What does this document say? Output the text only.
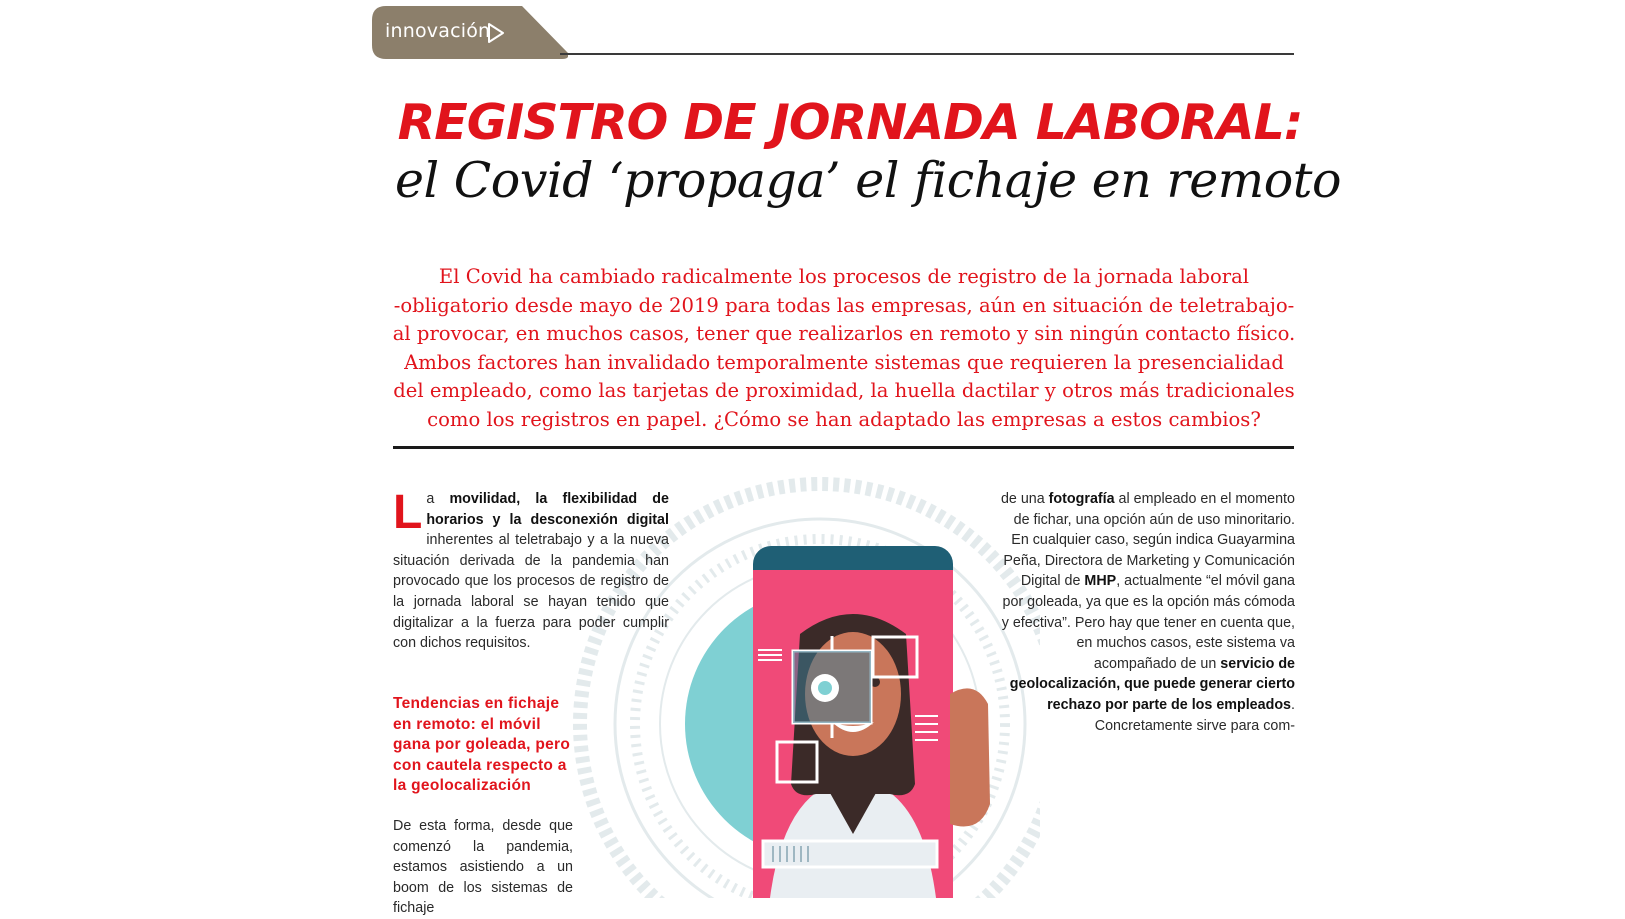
innovación
REGISTRO DE JORNADA LABORAL:
el Covid ‘propaga’ el fichaje en remoto
El Covid ha cambiado radicalmente los procesos de registro de la jornada laboral
-obligatorio desde mayo de 2019 para todas las empresas, aún en situación de teletrabajo-
al provocar, en muchos casos, tener que realizarlos en remoto y sin ningún contacto físico.
Ambos factores han invalidado temporalmente sistemas que requieren la presencialidad
del empleado, como las tarjetas de proximidad, la huella dactilar y otros más tradicionales
como los registros en papel. ¿Cómo se han adaptado las empresas a estos cambios?

La movilidad, la flexibilidad de horarios y la desconexión digital inherentes al teletrabajo y a la nueva situación derivada de la pandemia han provocado que los procesos de registro de la jornada laboral se hayan tenido que digitalizar a la fuerza para poder cumplir con dichos requisitos.

Tendencias en fichaje en remoto: el móvil gana por goleada, pero con cautela respecto a la geolocalización
De esta forma, desde que comenzó la pandemia, estamos asistiendo a un boom de los sistemas de fichaje

de una fotografía al empleado en el momento de fichar, una opción aún de uso minoritario.

En cualquier caso, según indica Guayarmina Peña, Directora de Marketing y Comunicación Digital de MHP, actualmente “el móvil gana por goleada, ya que es la opción más cómoda y efectiva”. Pero hay que tener en cuenta que, en muchos casos, este sistema va acompañado de un servicio de geolocalización, que puede generar cierto rechazo por parte de los empleados. Concretamente sirve para com-
